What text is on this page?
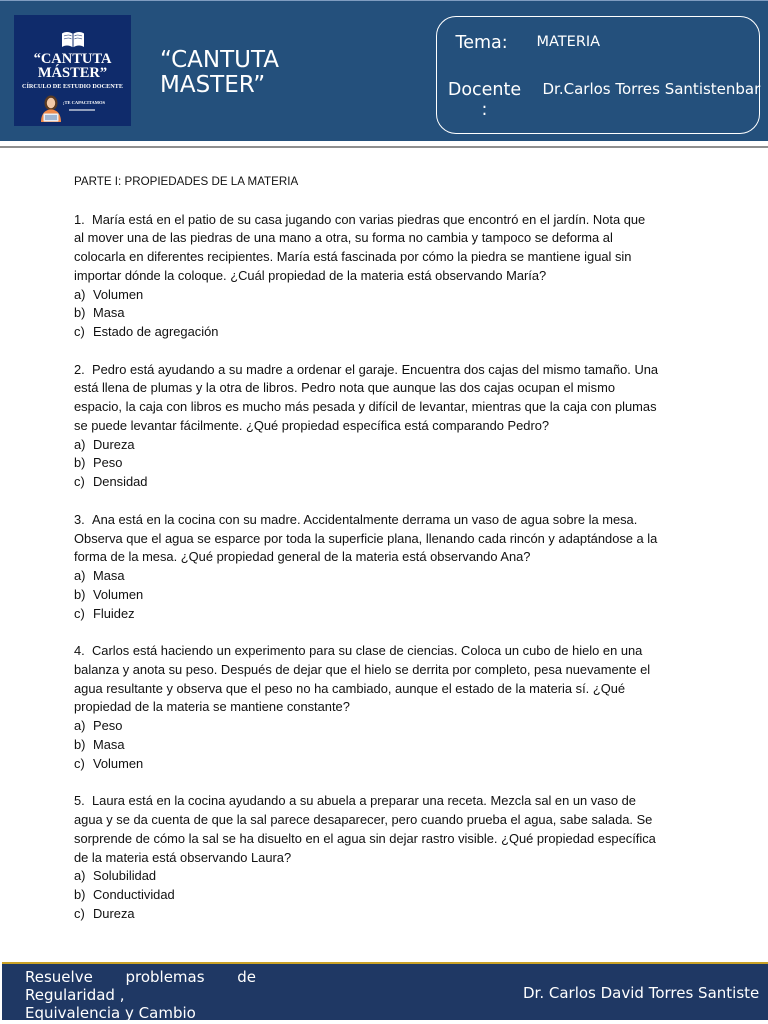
“CANTUTA MÁSTER”
CÍRCULO DE ESTUDIO DOCENTE
¡TE CAPACITAMOS
“CANTUTA MASTER”
Tema: MATERIA
Docente :
Dr.Carlos Torres Santistenbar
PARTE I: PROPIEDADES DE LA MATERIA
1. María está en el patio de su casa jugando con varias piedras que encontró en el jardín. Nota que
al mover una de las piedras de una mano a otra, su forma no cambia y tampoco se deforma al
colocarla en diferentes recipientes. María está fascinada por cómo la piedra se mantiene igual sin
importar dónde la coloque. ¿Cuál propiedad de la materia está observando María?
a) Volumen
b) Masa
c) Estado de agregación
2. Pedro está ayudando a su madre a ordenar el garaje. Encuentra dos cajas del mismo tamaño. Una
está llena de plumas y la otra de libros. Pedro nota que aunque las dos cajas ocupan el mismo
espacio, la caja con libros es mucho más pesada y difícil de levantar, mientras que la caja con plumas
se puede levantar fácilmente. ¿Qué propiedad específica está comparando Pedro?
a) Dureza
b) Peso
c) Densidad
3. Ana está en la cocina con su madre. Accidentalmente derrama un vaso de agua sobre la mesa.
Observa que el agua se esparce por toda la superficie plana, llenando cada rincón y adaptándose a la
forma de la mesa. ¿Qué propiedad general de la materia está observando Ana?
a) Masa
b) Volumen
c) Fluidez
4. Carlos está haciendo un experimento para su clase de ciencias. Coloca un cubo de hielo en una
balanza y anota su peso. Después de dejar que el hielo se derrita por completo, pesa nuevamente el
agua resultante y observa que el peso no ha cambiado, aunque el estado de la materia sí. ¿Qué
propiedad de la materia se mantiene constante?
a) Peso
b) Masa
c) Volumen
5. Laura está en la cocina ayudando a su abuela a preparar una receta. Mezcla sal en un vaso de
agua y se da cuenta de que la sal parece desaparecer, pero cuando prueba el agua, sabe salada. Se
sorprende de cómo la sal se ha disuelto en el agua sin dejar rastro visible. ¿Qué propiedad específica
de la materia está observando Laura?
a) Solubilidad
b) Conductividad
c) Dureza
Resuelve problemas de
Regularidad ,
Equivalencia y Cambio
Dr. Carlos David Torres Santiste
